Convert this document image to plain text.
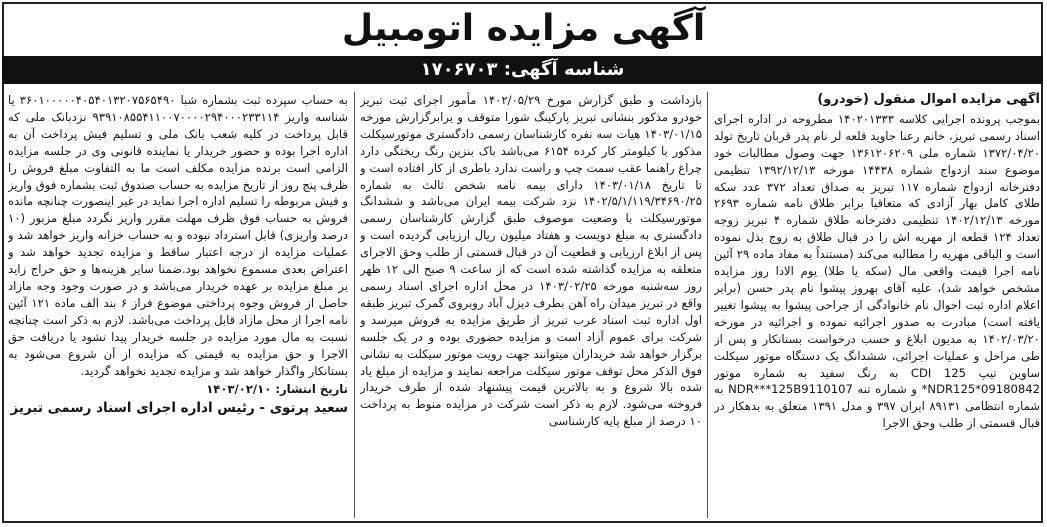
آگهی مزایده اتومبیل
شناسه آگهی: ۱۷۰۶۷۰۳
آگهی مزایده اموال منقول (خودرو)
بموجب پرونده اجرایی کلاسه ۱۴۰۲۰۱۳۳۳ مطروحه در اداره اجرای اسناد رسمی تبریز، خانم رعنا جاوید قلعه لر نام پدر قربان تاریخ تولد ۱۳۷۲/۰۴/۲۰ شماره ملی ۱۳۶۱۲۰۶۲۰۹ جهت وصول مطالبات خود موضوع سند ازدواج شماره ۱۴۴۳۸ مورخه ۱۳۹۲/۱۲/۱۳ تنظیمی دفترخانه ازدواج شماره ۱۱۷ تبریز به صداق تعداد ۳۷۲ عدد سکه طلای کامل بهار آزادی که متعاقبا برابر طلاق نامه شماره ۲۶۹۳ مورخه ۱۴۰۲/۱۲/۱۳ تنظیمی دفترخانه طلاق شماره ۴ تبریز زوجه تعداد ۱۲۴ قطعه از مهریه اش را در قبال طلاق به زوج بذل نموده است و الباقی مهریه را مطالبه می‌کند (مستنداً به مفاد ماده ۲۹ آئین نامه اجرا قیمت واقعی مال (سکه یا طلا) یوم الادا روز مزایده مشخص خواهد شد)، علیه آقای بهروز پیشوا نام پدر حسن (برابر اعلام اداره ثبت احوال نام خانوادگی از جراحی پیشوا به پیشوا تغییر یافته است) مبادرت به صدور اجرائیه نموده و اجرائیه در مورخه ۱۴۰۲/۰۳/۲۰ به مدیون ابلاغ و حسب درخواست بستانکار و پس از طی مراحل و عملیات اجرائی، ششدانگ یک دستگاه موتور سیکلت ساوین تیپ CDI 125 به رنگ سفید به شماره موتور NDR125*09180842* و شماره تنه NDR***125B9110107 به شماره انتظامی ۸۹۱۳۱ ایران ۳۹۷ و مدل ۱۳۹۱ متعلق به بدهکار در قبال قسمتی از طلب وحق الاجرا
بازداشت و طبق گزارش مورخ ۱۴۰۲/۰۵/۲۹ مأمور اجرای ثبت تبریز خودرو مذکور بنشانی تبریز پارکینگ شورا متوقف و برابرگزارش مورخه ۱۴۰۳/۰۱/۱۵ هیات سه نفره کارشناسان رسمی دادگستری موتورسیکلت مذکور با کیلومتر کار کرده ۶۱۵۴ می‌باشد باک بنزین رنگ ریختگی دارد چراغ راهنما عقب سمت چپ و راست ندارد باطری از کار افتاده است و تا تاریخ ۱۴۰۳/۰۱/۱۸ دارای بیمه نامه شخص ثالث به شماره ۱۴۰۲/۵/۱/۱۱۹/۳۴۶۹۰/۲۵ نزد شرکت بیمه ایران می‌باشد و ششدانگ موتورسیکلت با وضعیت موصوف طبق گزارش کارشناسان رسمی دادگستری به مبلغ دویست و هفتاد میلیون ریال ارزیابی گردیده است و پس از ابلاغ ارزیابی و قطعیت آن در قبال قسمتی از طلب وحق الاجرای متعلقه به مزایده گذاشته شده است که از ساعت ۹ صبح الی ۱۲ ظهر روز سه‌شنبه مورخه ۱۴۰۳/۰۲/۲۵ در محل اداره اجرای اسناد رسمی واقع در تبریز میدان راه آهن بطرف دیزل آباد روبروی گمرک تبریز طبقه اول اداره ثبت اسناد غرب تبریز از طریق مزایده به فروش میرسد و شرکت برای عموم آزاد است و مزایده حضوری بوده و در یک جلسه برگزار خواهد شد خریداران میتوانند جهت رویت موتور سیکلت به نشانی فوق الذکر محل توقف موتور سیکلت مراجعه نمایند و مزایده از مبلغ یاد شده بالا شروع و به بالاترین قیمت پیشنهاد شده از طرف خریدار فروخته می‌شود. لازم به ذکر است شرکت در مزایده منوط به پرداخت ۱۰ درصد از مبلغ پایه کارشناسی
به حساب سپرده ثبت بشماره شبا ۳۶۰۱۰۰۰۰۰۴۰۵۴۰۱۳۲۰۷۵۶۵۴۹۰ یا شناسه واریز ۹۳۹۱۰۸۵۵۴۱۱۰۰۷۰۰۰۰۲۹۴۰۰۰۲۳۳۱۱۴ نزدبانک ملی که قابل پرداخت در کلیه شعب بانک ملی و تسلیم فیش پرداخت آن به اداره اجرا بوده و حضور خریدار یا نماینده قانونی وی در جلسه مزایده الزامی است برنده مزایده مکلف است ما به التفاوت مبلغ فروش را ظرف پنج روز از تاریخ مزایده به حساب صندوق ثبت بشماره فوق واریز و فیش مربوطه را تسلیم اداره اجرا نماید در غیر اینصورت چنانچه مانده فروش به حساب فوق ظرف مهلت مقرر واریز نگردد مبلغ مزبور (۱۰ درصد واریزی) قابل استرداد نبوده و به حساب خزانه واریز خواهد شد و عملیات مزایده از درجه اعتبار ساقط و مزایده تجدید خواهد شد و اعتراض بعدی مسموع نخواهد بود.ضمنا سایر هزینه‌ها و حق حراج زاید بر مبلغ مزایده بر عهده خریدار می‌باشد و در صورت وجود وجه مازاد حاصل از فروش وجوه پرداختی موضوع فراز ۶ بند الف ماده ۱۲۱ آئین نامه اجرا از محل مازاد قابل پرداخت می‌باشد. لازم به ذکر است چنانچه نسبت به مال مورد مزایده در جلسه خریدار پیدا نشود یا دریافت حق الاجرا و حق مزایده به قیمتی که مزایده از آن شروع می‌شود به بستانکار واگذار خواهد شد و مزایده تجدید نخواهد گردید.
تاریخ انتشار: ۱۴۰۳/۰۲/۱۰
سعید پرتوی - رئیس اداره اجرای اسناد رسمی تبریز
